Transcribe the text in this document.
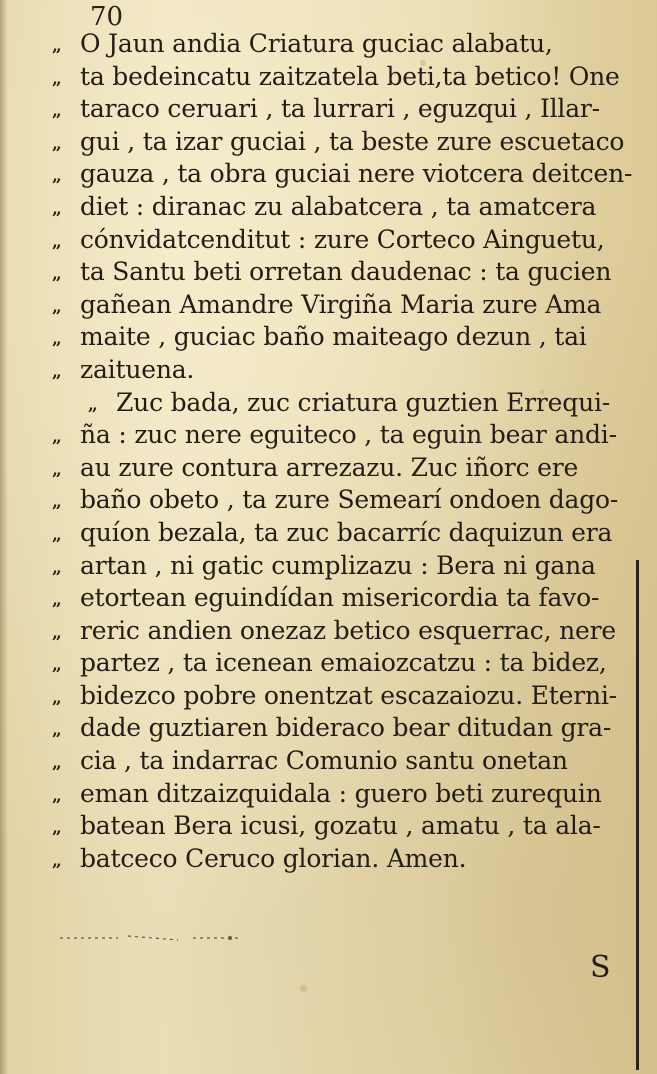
70
„ O Jaun andia Criatura guciac alabatu,
„ ta bedeincatu zaitzatela beti,ta betico! One
„ taraco ceruari , ta lurrari , eguzqui , Illar-
„ gui , ta izar guciai , ta beste zure escuetaco
„ gauza , ta obra guciai nere viotcera deitcen-
„ diet : diranac zu alabatcera , ta amatcera
„ cónvidatcenditut : zure Corteco Ainguetu,
„ ta Santu beti orretan daudenac : ta gucien
„ gañean Amandre Virgiña Maria zure Ama
„ maite , guciac baño maiteago dezun , tai
„ zaituena.
„ Zuc bada, zuc criatura guztien Errequi-
„ ña : zuc nere eguiteco , ta eguin bear andi-
„ au zure contura arrezazu. Zuc iñorc ere
„ baño obeto , ta zure Semearí ondoen dago-
„ quíon bezala, ta zuc bacarríc daquizun era
„ artan , ni gatic cumplizazu : Bera ni gana
„ etortean eguindídan misericordia ta favo-
„ reric andien onezaz betico esquerrac, nere
„ partez , ta icenean emaiozcatzu : ta bidez,
„ bidezco pobre onentzat escazaiozu. Eterni-
„ dade guztiaren bideraco bear ditudan gra-
„ cia , ta indarrac Comunio santu onetan
„ eman ditzaizquidala : guero beti zurequin
„ batean Bera icusi, gozatu , amatu , ta ala-
„ batceco Ceruco glorian. Amen.
S
